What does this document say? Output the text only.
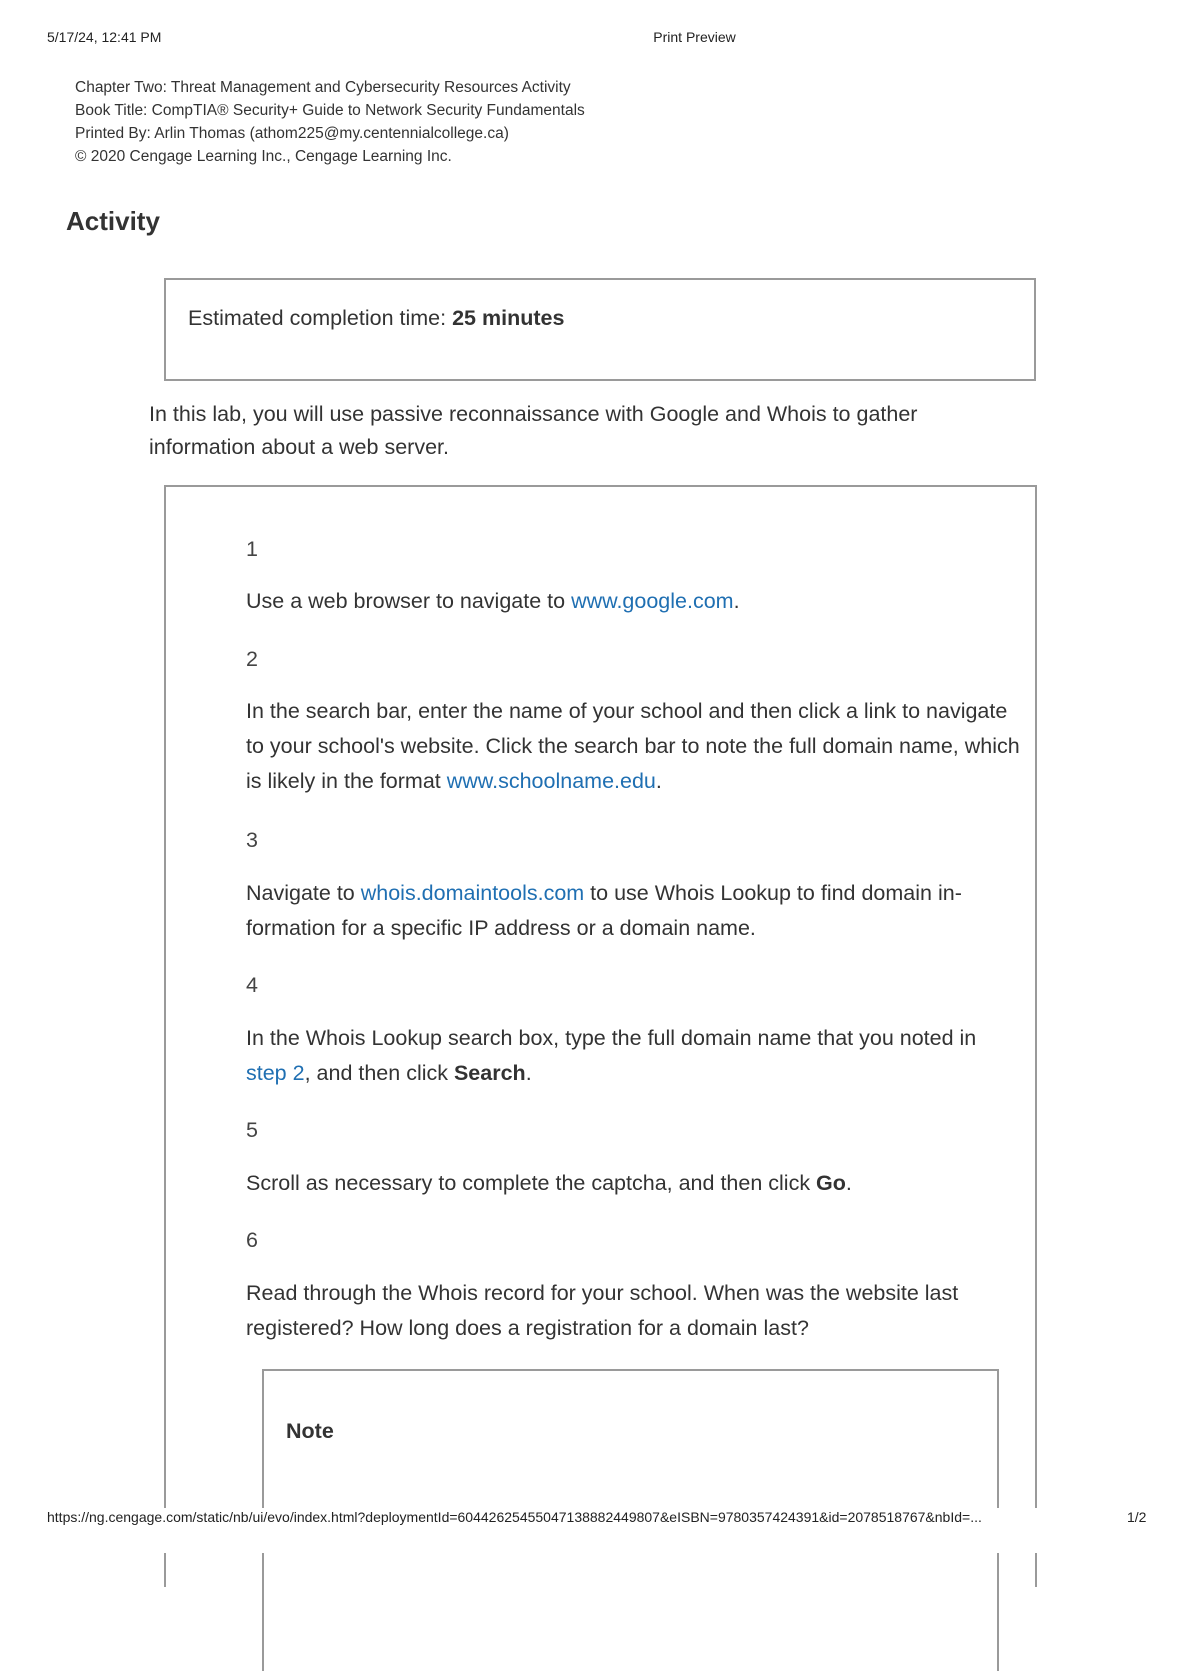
5/17/24, 12:41 PM	Print Preview
Chapter Two: Threat Management and Cybersecurity Resources Activity
Book Title: CompTIA® Security+ Guide to Network Security Fundamentals
Printed By: Arlin Thomas (athom225@my.centennialcollege.ca)
© 2020 Cengage Learning Inc., Cengage Learning Inc.
Activity

Estimated completion time: 25 minutes

In this lab, you will use passive reconnaissance with Google and Whois to gather information about a web server.

1

Use a web browser to navigate to www.google.com.

2

In the search bar, enter the name of your school and then click a link to navigate to your school's website. Click the search bar to note the full domain name, which is likely in the format www.schoolname.edu.

3

Navigate to whois.domaintools.com to use Whois Lookup to find domain in-formation for a specific IP address or a domain name.

4

In the Whois Lookup search box, type the full domain name that you noted in step 2, and then click Search.

5

Scroll as necessary to complete the captcha, and then click Go.

6

Read through the Whois record for your school. When was the website last registered? How long does a registration for a domain last?

Note
https://ng.cengage.com/static/nb/ui/evo/index.html?deploymentId=6044262545504713888244980​7&eISBN=9780357424391&id=2078518767&nbId=...	1/2
